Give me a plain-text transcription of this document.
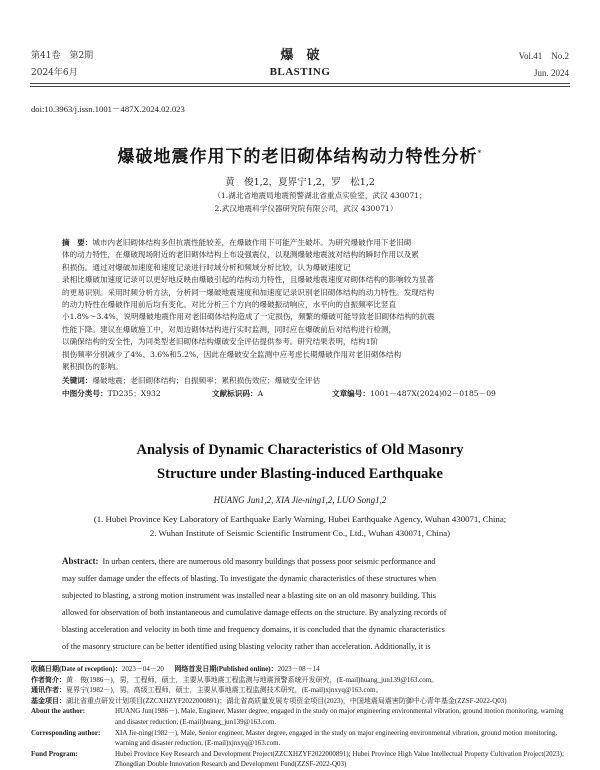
第41卷　第2期
2024年6月
爆　破
BLASTING
Vol.41　No.2
Jun. 2024
doi:10.3963/j.issn.1001－487X.2024.02.023
爆破地震作用下的老旧砌体结构动力特性分析*
黄　俊1,2，夏界宁1,2，罗　松1,2
（1.湖北省地震局地震预警湖北省重点实验室，武汉 430071；
2.武汉地震科学仪器研究院有限公司，武汉 430071）
摘　要：城市内老旧砌体结构多但抗震性能较差，在爆破作用下可能产生破坏。为研究爆破作用下老旧砌
体的动力特性，在爆破现场附近的老旧砌体结构上布设强震仪，以观测爆破地震波对结构的瞬时作用以及累
积损伤。通过对爆破加速度和速度记录进行时域分析和频域分析比较，认为爆破速度记
录相比爆破加速度记录可以更好地反映由爆破引起的结构动力特性，且爆破地震速度对砌体结构的影响较为显著
的更易识别。采用时频分析方法，分析同一爆破地震速度和加速度记录识别老旧砌体结构的动力特性。发现结构
的动力特性在爆破作用前后均有变化。对比分析三个方向的爆破振动响应，水平向的自振频率比竖直
小1.8%～3.4%，说明爆破地震作用对老旧砌体结构造成了一定损伤，频繁的爆破可能导致老旧砌体结构的抗震
性能下降。建议在爆破施工中，对周边砌体结构进行实时监测，同时应在爆破前后对结构进行检测，
以确保结构的安全性，为同类型老旧砌体结构爆破安全评估提供参考。研究结果表明，结构1阶
损伤频率分别减少了4%、3.6%和5.2%，因此在爆破安全监测中应考虑长期爆破作用对老旧砌体结构
累积损伤的影响。
关键词：爆破地震；老旧砌体结构；自振频率；累积损伤效应；爆破安全评估
中图分类号：TD235；X932	文献标识码：A	文章编号：1001－487X(2024)02－0185－09
Analysis of Dynamic Characteristics of Old Masonry
Structure under Blasting-induced Earthquake
HUANG Jun1,2, XIA Jie-ning1,2, LUO Song1,2
(1. Hubei Province Key Laboratory of Earthquake Early Warning, Hubei Earthquake Agency, Wuhan 430071, China;
2. Wuhan Institute of Seismic Scientific Instrument Co., Ltd., Wuhan 430071, China)
Abstract: In urban centers, there are numerous old masonry buildings that possess poor seismic performance and
may suffer damage under the effects of blasting. To investigate the dynamic characteristics of these structures when
subjected to blasting, a strong motion instrument was installed near a blasting site on an old masonry building. This
allowed for observation of both instantaneous and cumulative damage effects on the structure. By analyzing records of
blasting acceleration and velocity in both time and frequency domains, it is concluded that the dynamic characteristics
of the masonry structure can be better identified using blasting velocity rather than acceleration. Additionally, it is
收稿日期(Date of reception)：2023－04－20 网络首发日期(Published online)：2023－08－14
作者简介： 黄　俊(1986－)，男，工程师，硕士，主要从事地震工程监测与地震预警系统开发研究，(E-mail)huang_jun139@163.com。
通讯作者： 夏界宁(1982－)，男，高级工程师，硕士，主要从事地震工程监测技术研究，(E-mail)xjnxyq@163.com。
基金项目： 湖北省重点研发计划项目(ZZCXHZYF2022000891)；湖北省高质量发展专项资金项目(2023)，中国地震局震害防御中心青年基金(ZZSF-2022-Q03)
About the author:	HUANG Jun(1986－), Male, Engineer, Master degree, engaged in the study on major engineering environmental vibration, ground motion monitoring, warning and disaster reduction, (E-mail)huang_jun139@163.com.
Corresponding author:	XIA Jie-ning(1982－), Male, Senior engineer, Master degree, engaged in the study on major engineering environmental vibration, ground motion monitoring, warning and disaster reduction, (E-mail)xjnxyq@163.com.
Fund Program:	Hubei Province Key Research and Development Project(ZZCXHZYF2022000891); Hubei Province High Value Intellectual Property Cultivation Project(2023); Zhongdian Double Innovation Research and Development Fund(ZZSF-2022-Q03)
